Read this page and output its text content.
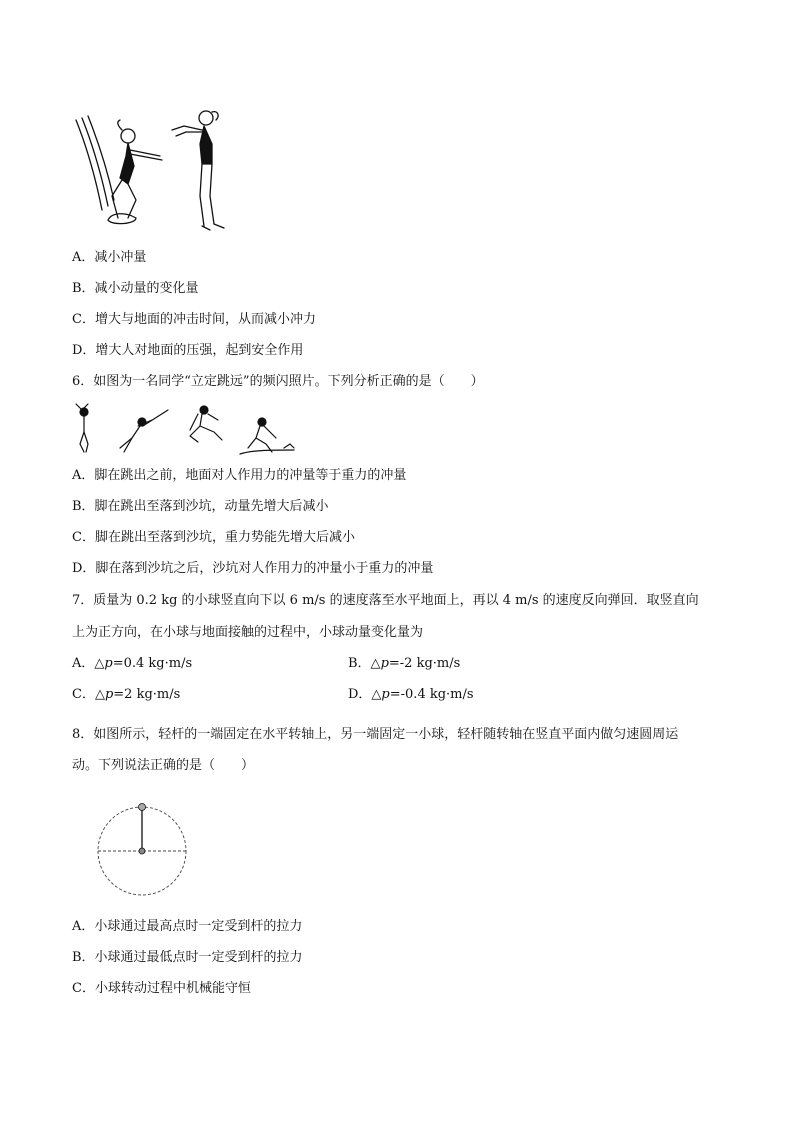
A．减小冲量
B．减小动量的变化量
C．增大与地面的冲击时间，从而减小冲力
D．增大人对地面的压强，起到安全作用
6．如图为一名同学“立定跳远”的频闪照片。下列分析正确的是（　　）
A．脚在跳出之前，地面对人作用力的冲量等于重力的冲量
B．脚在跳出至落到沙坑，动量先增大后减小
C．脚在跳出至落到沙坑，重力势能先增大后减小
D．脚在落到沙坑之后，沙坑对人作用力的冲量小于重力的冲量
7．质量为 0.2 kg 的小球竖直向下以 6 m/s 的速度落至水平地面上，再以 4 m/s 的速度反向弹回．取竖直向
上为正方向，在小球与地面接触的过程中，小球动量变化量为
A．△p=0.4 kg·m/s	B．△p=-2 kg·m/s
C．△p=2 kg·m/s	D．△p=-0.4 kg·m/s
8．如图所示，轻杆的一端固定在水平转轴上，另一端固定一小球，轻杆随转轴在竖直平面内做匀速圆周运
动。下列说法正确的是（　　）
A．小球通过最高点时一定受到杆的拉力
B．小球通过最低点时一定受到杆的拉力
C．小球转动过程中机械能守恒
